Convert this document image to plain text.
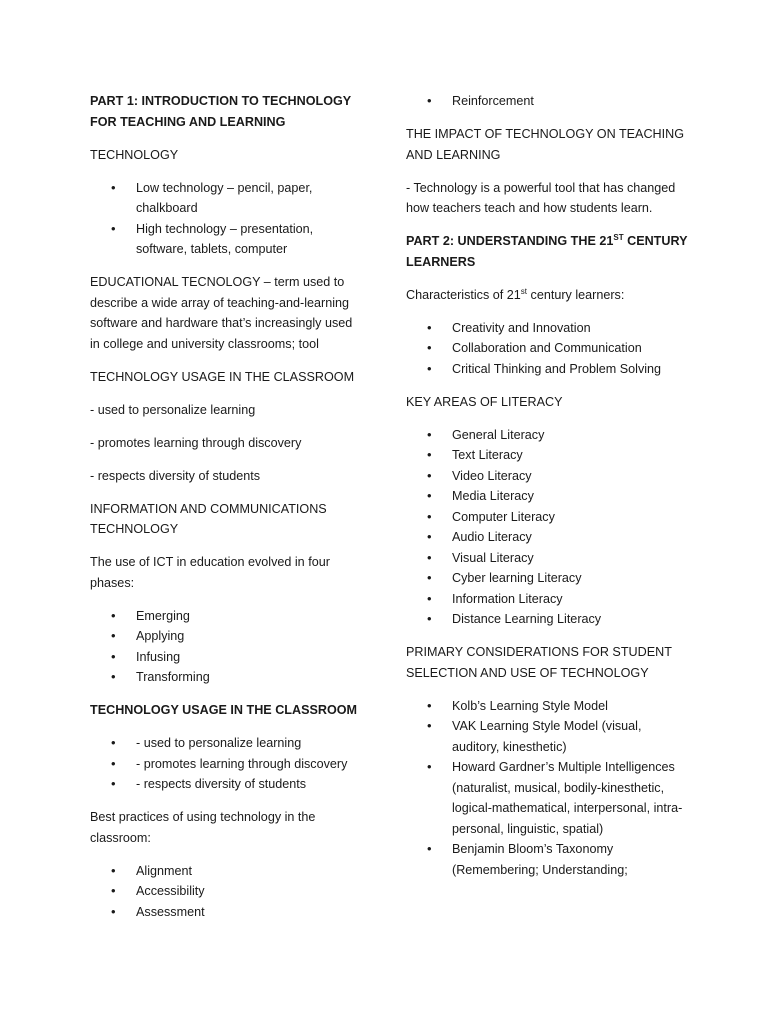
PART 1: INTRODUCTION TO TECHNOLOGY FOR TEACHING AND LEARNING

TECHNOLOGY

• Low technology – pencil, paper, chalkboard
• High technology – presentation, software, tablets, computer

EDUCATIONAL TECNOLOGY – term used to describe a wide array of teaching-and-learning software and hardware that’s increasingly used in college and university classrooms; tool

TECHNOLOGY USAGE IN THE CLASSROOM

- used to personalize learning

- promotes learning through discovery

- respects diversity of students

INFORMATION AND COMMUNICATIONS TECHNOLOGY

The use of ICT in education evolved in four phases:

• Emerging
• Applying
• Infusing
• Transforming

TECHNOLOGY USAGE IN THE CLASSROOM

• - used to personalize learning
• - promotes learning through discovery
• - respects diversity of students

Best practices of using technology in the classroom:

• Alignment
• Accessibility
• Assessment
• Reinforcement

THE IMPACT OF TECHNOLOGY ON TEACHING AND LEARNING

- Technology is a powerful tool that has changed how teachers teach and how students learn.

PART 2: UNDERSTANDING THE 21ST CENTURY LEARNERS

Characteristics of 21st century learners:

• Creativity and Innovation
• Collaboration and Communication
• Critical Thinking and Problem Solving

KEY AREAS OF LITERACY

• General Literacy
• Text Literacy
• Video Literacy
• Media Literacy
• Computer Literacy
• Audio Literacy
• Visual Literacy
• Cyber learning Literacy
• Information Literacy
• Distance Learning Literacy

PRIMARY CONSIDERATIONS FOR STUDENT SELECTION AND USE OF TECHNOLOGY

• Kolb’s Learning Style Model
• VAK Learning Style Model (visual, auditory, kinesthetic)
• Howard Gardner’s Multiple Intelligences (naturalist, musical, bodily-kinesthetic, logical-mathematical, interpersonal, intra-personal, linguistic, spatial)
• Benjamin Bloom’s Taxonomy (Remembering; Understanding;
